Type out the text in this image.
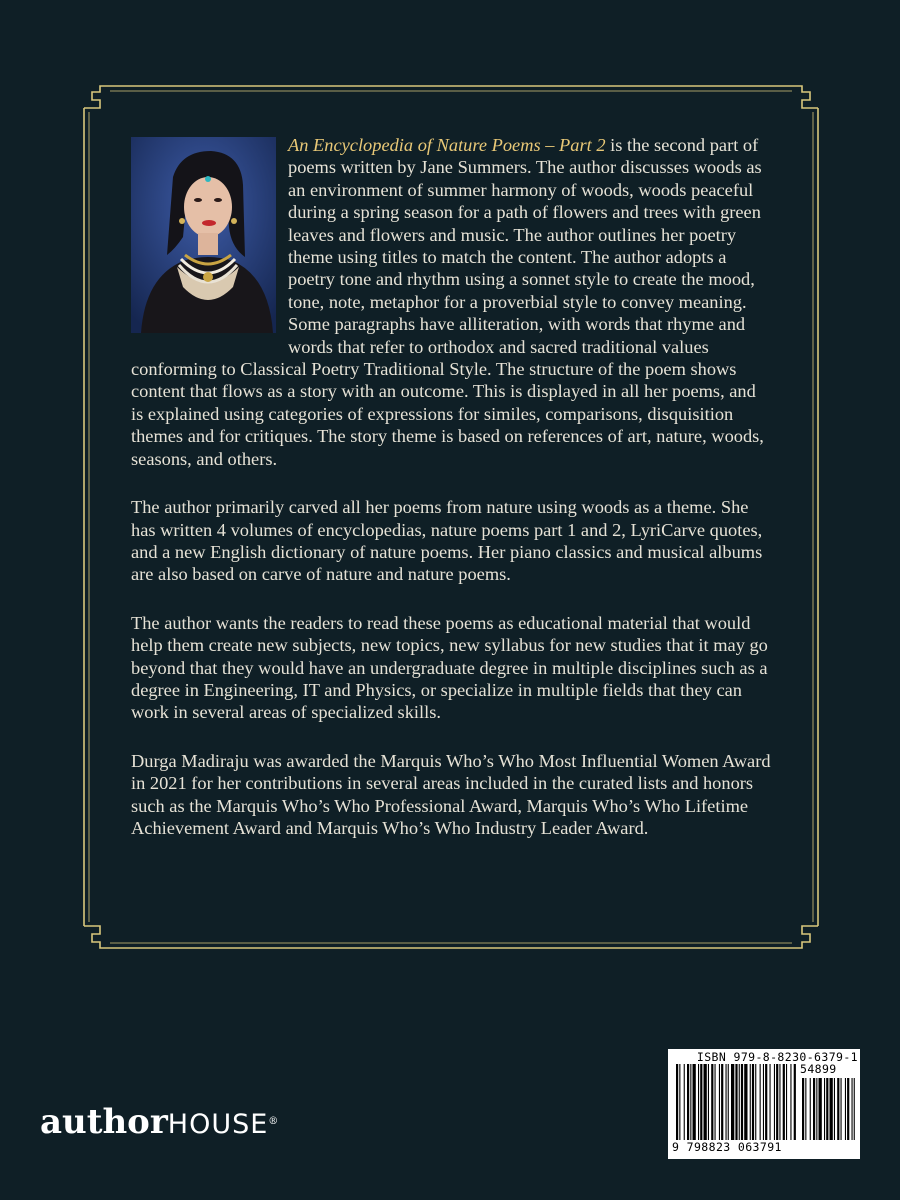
An Encyclopedia of Nature Poems – Part 2 is the second part of poems written by Jane Summers. The author discusses woods as an environment of summer harmony of woods, woods peaceful during a spring season for a path of flowers and trees with green leaves and flowers and music. The author outlines her poetry theme using titles to match the content. The author adopts a poetry tone and rhythm using a sonnet style to create the mood, tone, note, metaphor for a proverbial style to convey meaning. Some paragraphs have alliteration, with words that rhyme and words that refer to orthodox and sacred traditional values conforming to Classical Poetry Traditional Style. The structure of the poem shows content that flows as a story with an outcome. This is displayed in all her poems, and is explained using categories of expressions for similes, comparisons, disquisition themes and for critiques. The story theme is based on references of art, nature, woods, seasons, and others.

The author primarily carved all her poems from nature using woods as a theme. She has written 4 volumes of encyclopedias, nature poems part 1 and 2, LyriCarve quotes, and a new English dictionary of nature poems. Her piano classics and musical albums are also based on carve of nature and nature poems.

The author wants the readers to read these poems as educational material that would help them create new subjects, new topics, new syllabus for new studies that it may go beyond that they would have an undergraduate degree in multiple disciplines such as a degree in Engineering, IT and Physics, or specialize in multiple fields that they can work in several areas of specialized skills.

Durga Madiraju was awarded the Marquis Who’s Who Most Influential Women Award in 2021 for her contributions in several areas included in the curated lists and honors such as the Marquis Who’s Who Professional Award, Marquis Who’s Who Lifetime Achievement Award and Marquis Who’s Who Industry Leader Award.

authorHOUSE®
ISBN 979-8-8230-6379-1
54899
9 798823 063791
